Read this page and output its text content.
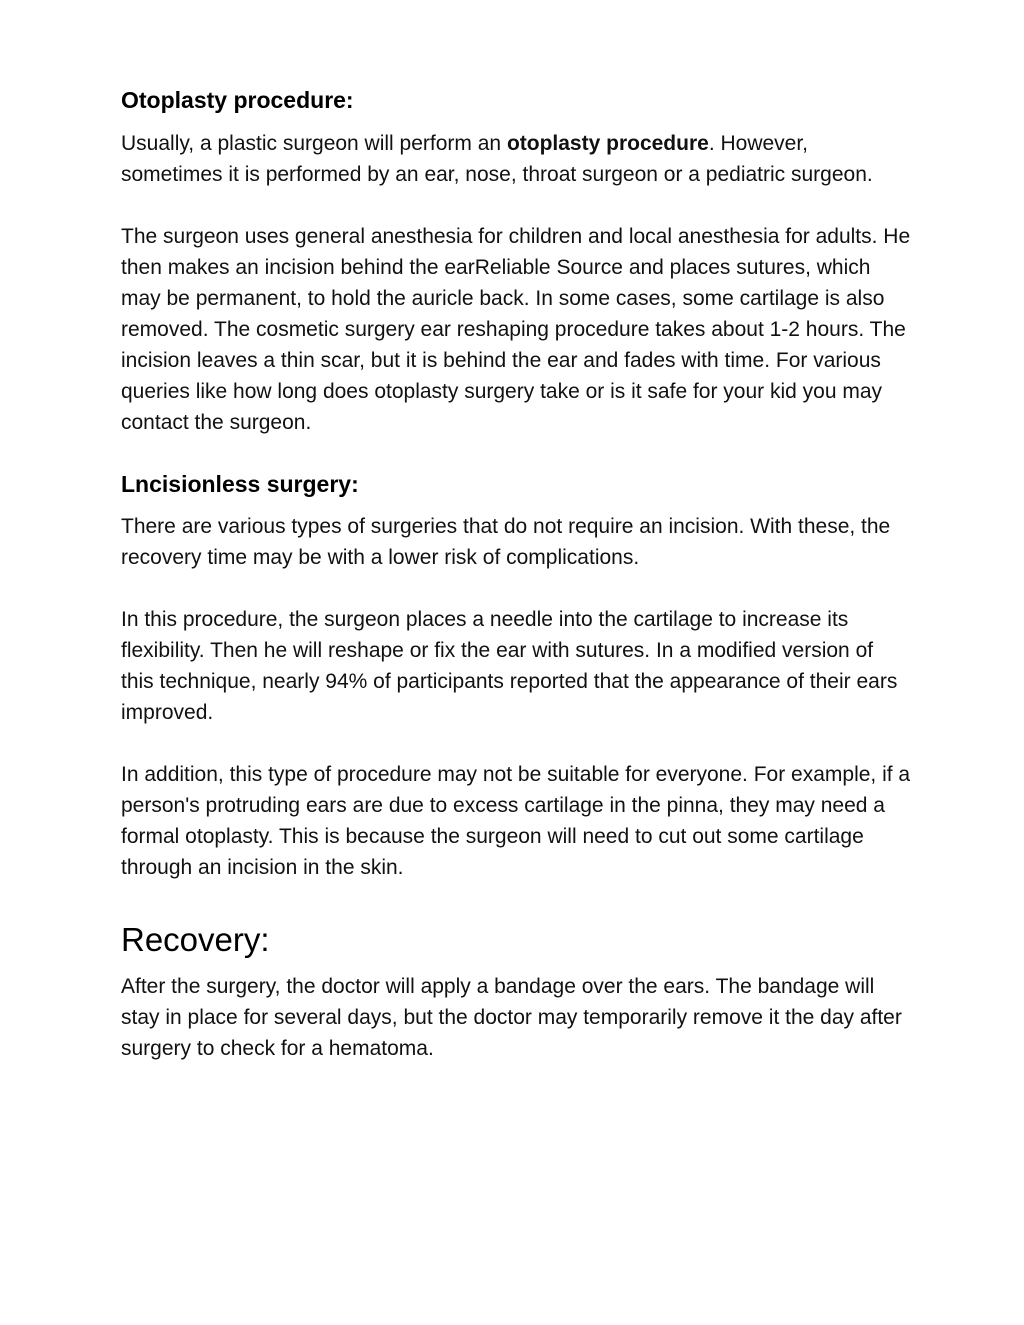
Otoplasty procedure:

Usually, a plastic surgeon will perform an otoplasty procedure. However, sometimes it is performed by an ear, nose, throat surgeon or a pediatric surgeon.

The surgeon uses general anesthesia for children and local anesthesia for adults. He then makes an incision behind the earReliable Source and places sutures, which may be permanent, to hold the auricle back. In some cases, some cartilage is also removed. The cosmetic surgery ear reshaping procedure takes about 1-2 hours. The incision leaves a thin scar, but it is behind the ear and fades with time. For various queries like how long does otoplasty surgery take or is it safe for your kid you may contact the surgeon.

Lncisionless surgery:

There are various types of surgeries that do not require an incision. With these, the recovery time may be with a lower risk of complications.

In this procedure, the surgeon places a needle into the cartilage to increase its flexibility. Then he will reshape or fix the ear with sutures. In a modified version of this technique, nearly 94% of participants reported that the appearance of their ears improved.

In addition, this type of procedure may not be suitable for everyone. For example, if a person's protruding ears are due to excess cartilage in the pinna, they may need a formal otoplasty. This is because the surgeon will need to cut out some cartilage through an incision in the skin.

Recovery:

After the surgery, the doctor will apply a bandage over the ears. The bandage will stay in place for several days, but the doctor may temporarily remove it the day after surgery to check for a hematoma.
